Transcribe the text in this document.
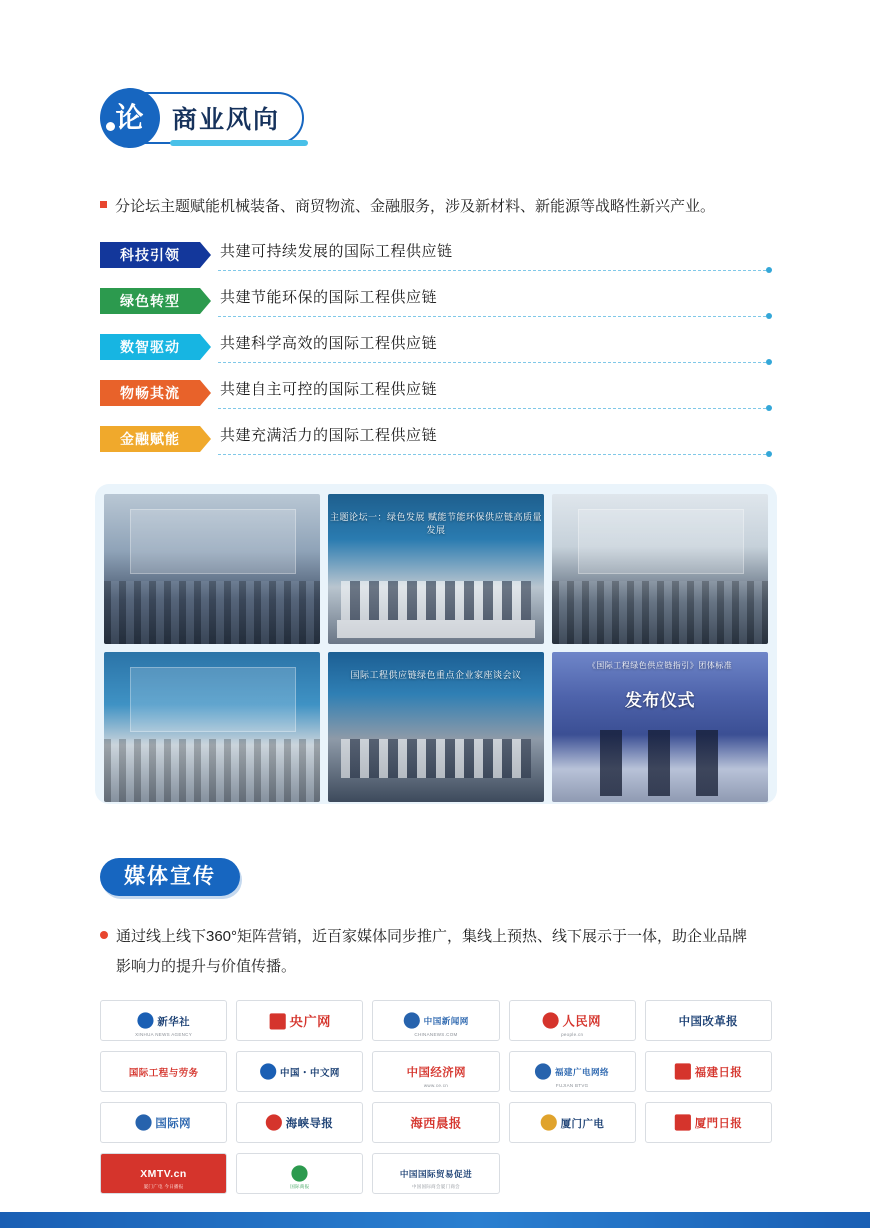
论	商业风向
分论坛主题赋能机械装备、商贸物流、金融服务，涉及新材料、新能源等战略性新兴产业。
科技引领	共建可持续发展的国际工程供应链
绿色转型	共建节能环保的国际工程供应链
数智驱动	共建科学高效的国际工程供应链
物畅其流	共建自主可控的国际工程供应链
金融赋能	共建充满活力的国际工程供应链
主题论坛一：绿色发展 赋能节能环保供应链高质量发展
国际工程供应链绿色重点企业家座谈会议
《国际工程绿色供应链指引》团体标准
发布仪式
媒体宣传
通过线上线下360°矩阵营销，近百家媒体同步推广，集线上预热、线下展示于一体，助企业品牌
影响力的提升与价值传播。
新华社
XINHUA NEWS AGENCY
央广网	中国新闻网
CHINANEWS.COM
人民网
people.cn
中国改革报
国际工程与劳务	中国・中文网	中国经济网
www.ce.cn
福建广电网络
FUJIAN BTVG
福建日报
国际网	海峡导报	海西晨报	厦门广电	厦門日报
XMTV.cn
厦门广电 今日播报	国际商报
中国国际贸易促进
中国国际商会厦门商会
